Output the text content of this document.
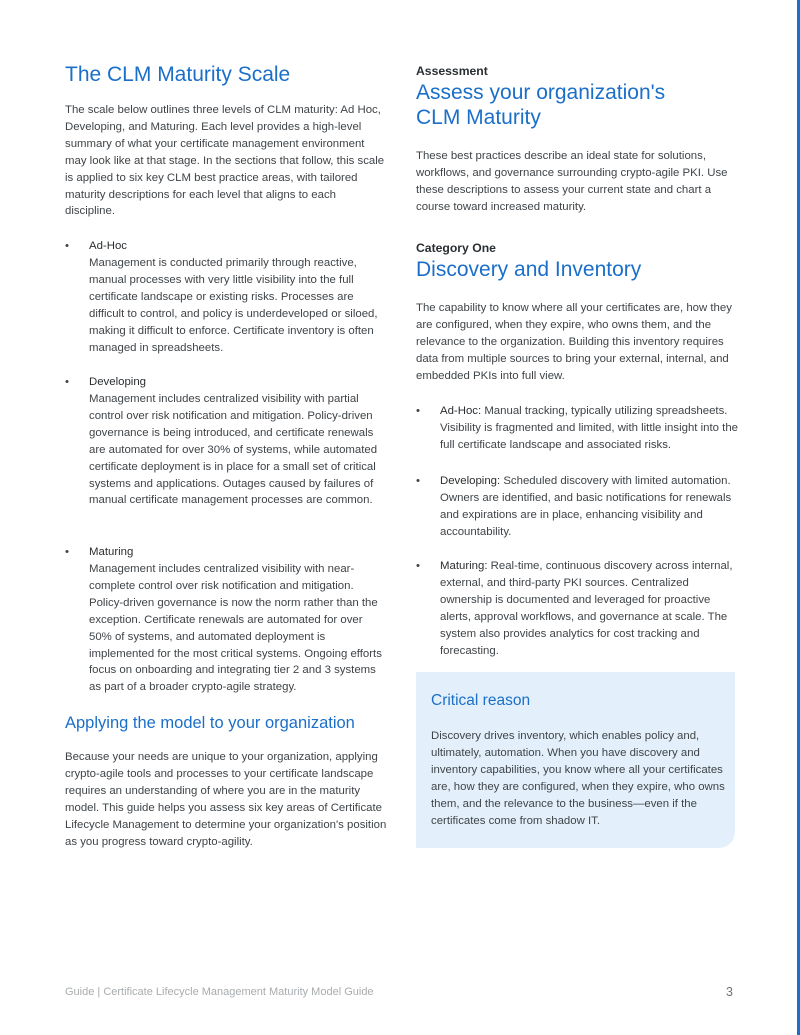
The CLM Maturity Scale

The scale below outlines three levels of CLM maturity: Ad Hoc, Developing, and Maturing. Each level provides a high-level summary of what your certificate management environment may look like at that stage. In the sections that follow, this scale is applied to six key CLM best practice areas, with tailored maturity descriptions for each level that aligns to each discipline.

• Ad-Hoc

Management is conducted primarily through reactive, manual processes with very little visibility into the full certificate landscape or existing risks. Processes are difficult to control, and policy is underdeveloped or siloed, making it difficult to enforce. Certificate inventory is often managed in spreadsheets.

• Developing

Management includes centralized visibility with partial control over risk notification and mitigation. Policy-driven governance is being introduced, and certificate renewals are automated for over 30% of systems, while automated certificate deployment is in place for a small set of critical systems and applications. Outages caused by failures of manual certificate management processes are common.

• Maturing

Management includes centralized visibility with near-complete control over risk notification and mitigation. Policy-driven governance is now the norm rather than the exception. Certificate renewals are automated for over 50% of systems, and automated deployment is implemented for the most critical systems. Ongoing efforts focus on onboarding and integrating tier 2 and 3 systems as part of a broader crypto-agile strategy.

Applying the model to your organization

Because your needs are unique to your organization, applying crypto-agile tools and processes to your certificate landscape requires an understanding of where you are in the maturity model. This guide helps you assess six key areas of Certificate Lifecycle Management to determine your organization's position as you progress toward crypto-agility.

Assessment
Assess your organization's
CLM Maturity

These best practices describe an ideal state for solutions, workflows, and governance surrounding crypto-agile PKI. Use these descriptions to assess your current state and chart a course toward increased maturity.

Category One
Discovery and Inventory

The capability to know where all your certificates are, how they are configured, when they expire, who owns them, and the relevance to the organization. Building this inventory requires data from multiple sources to bring your external, internal, and embedded PKIs into full view.

• Ad-Hoc: Manual tracking, typically utilizing spreadsheets. Visibility is fragmented and limited, with little insight into the full certificate landscape and associated risks.

• Developing: Scheduled discovery with limited automation. Owners are identified, and basic notifications for renewals and expirations are in place, enhancing visibility and accountability.

• Maturing: Real-time, continuous discovery across internal, external, and third-party PKI sources. Centralized ownership is documented and leveraged for proactive alerts, approval workflows, and governance at scale. The system also provides analytics for cost tracking and forecasting.

Critical reason

Discovery drives inventory, which enables policy and, ultimately, automation. When you have discovery and inventory capabilities, you know where all your certificates are, how they are configured, when they expire, who owns them, and the relevance to the business—even if the certificates come from shadow IT.

Guide | Certificate Lifecycle Management Maturity Model Guide	3
